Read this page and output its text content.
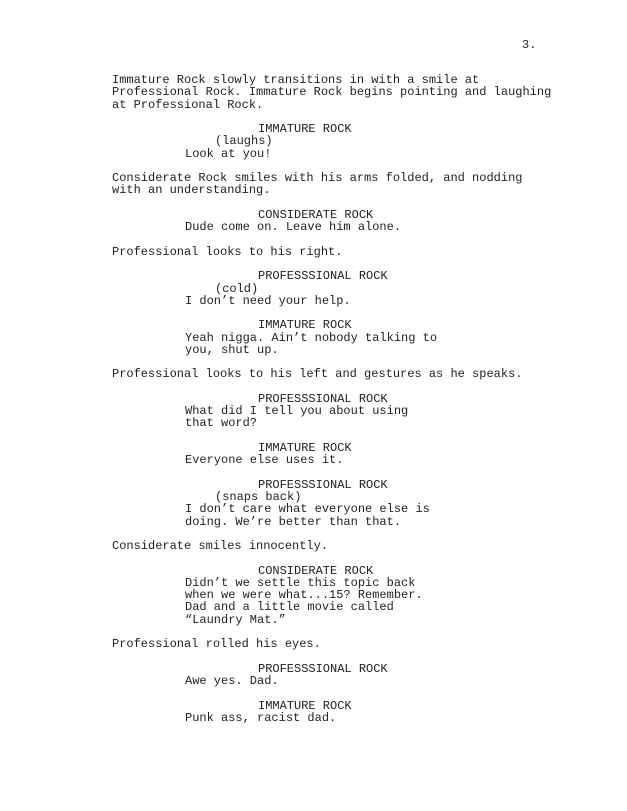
3.
Immature Rock slowly transitions in with a smile at
Professional Rock. Immature Rock begins pointing and laughing
at Professional Rock.
IMMATURE ROCK
(laughs)
Look at you!
Considerate Rock smiles with his arms folded, and nodding
with an understanding.
CONSIDERATE ROCK
Dude come on. Leave him alone.
Professional looks to his right.
PROFESSSIONAL ROCK
(cold)
I don’t need your help.
IMMATURE ROCK
Yeah nigga. Ain’t nobody talking to
you, shut up.
Professional looks to his left and gestures as he speaks.
PROFESSSIONAL ROCK
What did I tell you about using
that word?
IMMATURE ROCK
Everyone else uses it.
PROFESSSIONAL ROCK
(snaps back)
I don’t care what everyone else is
doing. We’re better than that.
Considerate smiles innocently.
CONSIDERATE ROCK
Didn’t we settle this topic back
when we were what...15? Remember.
Dad and a little movie called
“Laundry Mat.”
Professional rolled his eyes.
PROFESSSIONAL ROCK
Awe yes. Dad.
IMMATURE ROCK
Punk ass, racist dad.
